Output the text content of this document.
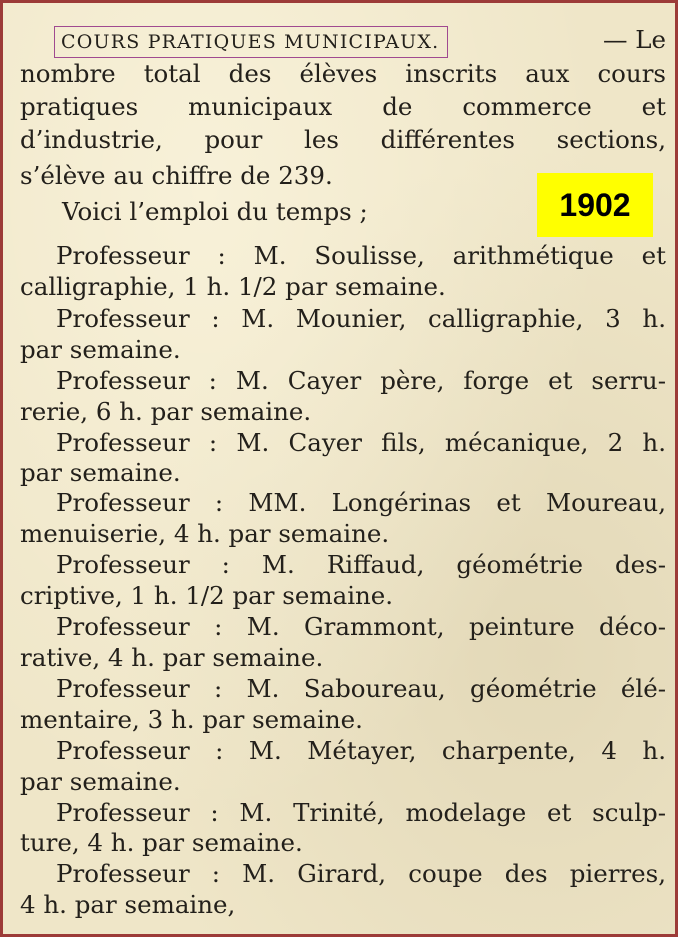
COURS PRATIQUES MUNICIPAUX.	— Le
nombre total des élèves inscrits aux cours
pratiques municipaux de commerce et
d’industrie, pour les différentes sections,
s’élève au chiffre de 239.
Voici l’emploi du temps ;
Professeur : M. Soulisse, arithmétique et
calligraphie, 1 h. 1/2 par semaine.
Professeur : M. Mounier, calligraphie, 3 h.
par semaine.
Professeur : M. Cayer père, forge et serru-
rerie, 6 h. par semaine.
Professeur : M. Cayer fils, mécanique, 2 h.
par semaine.
Professeur : MM. Longérinas et Moureau,
menuiserie, 4 h. par semaine.
Professeur : M. Riffaud, géométrie des-
criptive, 1 h. 1/2 par semaine.
Professeur : M. Grammont, peinture déco-
rative, 4 h. par semaine.
Professeur : M. Saboureau, géométrie élé-
mentaire, 3 h. par semaine.
Professeur : M. Métayer, charpente, 4 h.
par semaine.
Professeur : M. Trinité, modelage et sculp-
ture, 4 h. par semaine.
Professeur : M. Girard, coupe des pierres,
4 h. par semaine,
1902
